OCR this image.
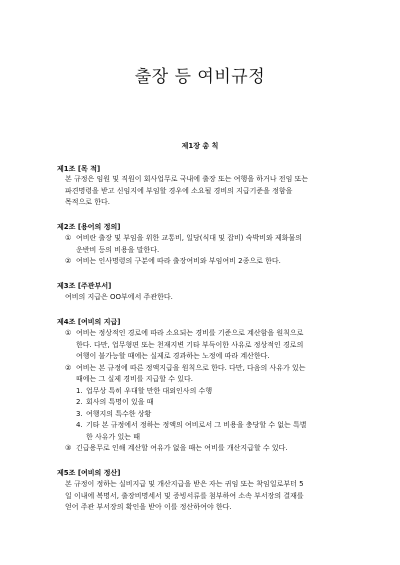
출장 등 여비규정
제1장 총 칙
제1조 [목 적]
본 규정은 임원 및 직원이 회사업무로 국내에 출장 또는 여행을 하거나 전임 또는
파견명령을 받고 신임지에 부임할 경우에 소요될 경비의 지급기준을 정함을
목적으로 한다.
제2조 [용어의 정의]
① 여비란 출장 및 부임을 위한 교통비, 일당(식대 및 잡비) 숙박비와 제화물의
운반비 등의 비용을 말한다.
② 여비는 인사명령의 구분에 따라 출장여비와 부임여비 2종으로 한다.
제3조 [주관부서]
여비의 지급은 OO부에서 주관한다.
제4조 [여비의 지급]
① 여비는 정상적인 경로에 따라 소요되는 경비를 기준으로 계산함을 원칙으로
한다. 다만, 업무형편 또는 천재지변 기타 부득이한 사유로 정상적인 경로의
여행이 불가능할 때에는 실제로 경과하는 노정에 따라 계산한다.
② 여비는 본 규정에 따른 정액지급을 원칙으로 한다. 다만, 다음의 사유가 있는
때에는 그 실제 경비를 지급할 수 있다.
1. 업무상 특히 우대할 만한 대외인사의 수행
2. 회사의 특명이 있을 때
3. 여행지의 특수한 상황
4. 기타 본 규정에서 정하는 정액의 여비로서 그 비용을 충당할 수 없는 특별
한 사유가 있는 때
③ 긴급용무로 인해 계산할 여유가 없을 때는 여비를 개산지급할 수 있다.
제5조 [여비의 정산]
본 규정이 정하는 실비지급 및 개산지급을 받은 자는 귀임 또는 착임일로부터 5
일 이내에 복명서, 출장비명세서 및 증빙서류를 첨부하여 소속 부서장의 결재를
얻어 주관 부서장의 확인을 받아 이를 정산하여야 한다.
